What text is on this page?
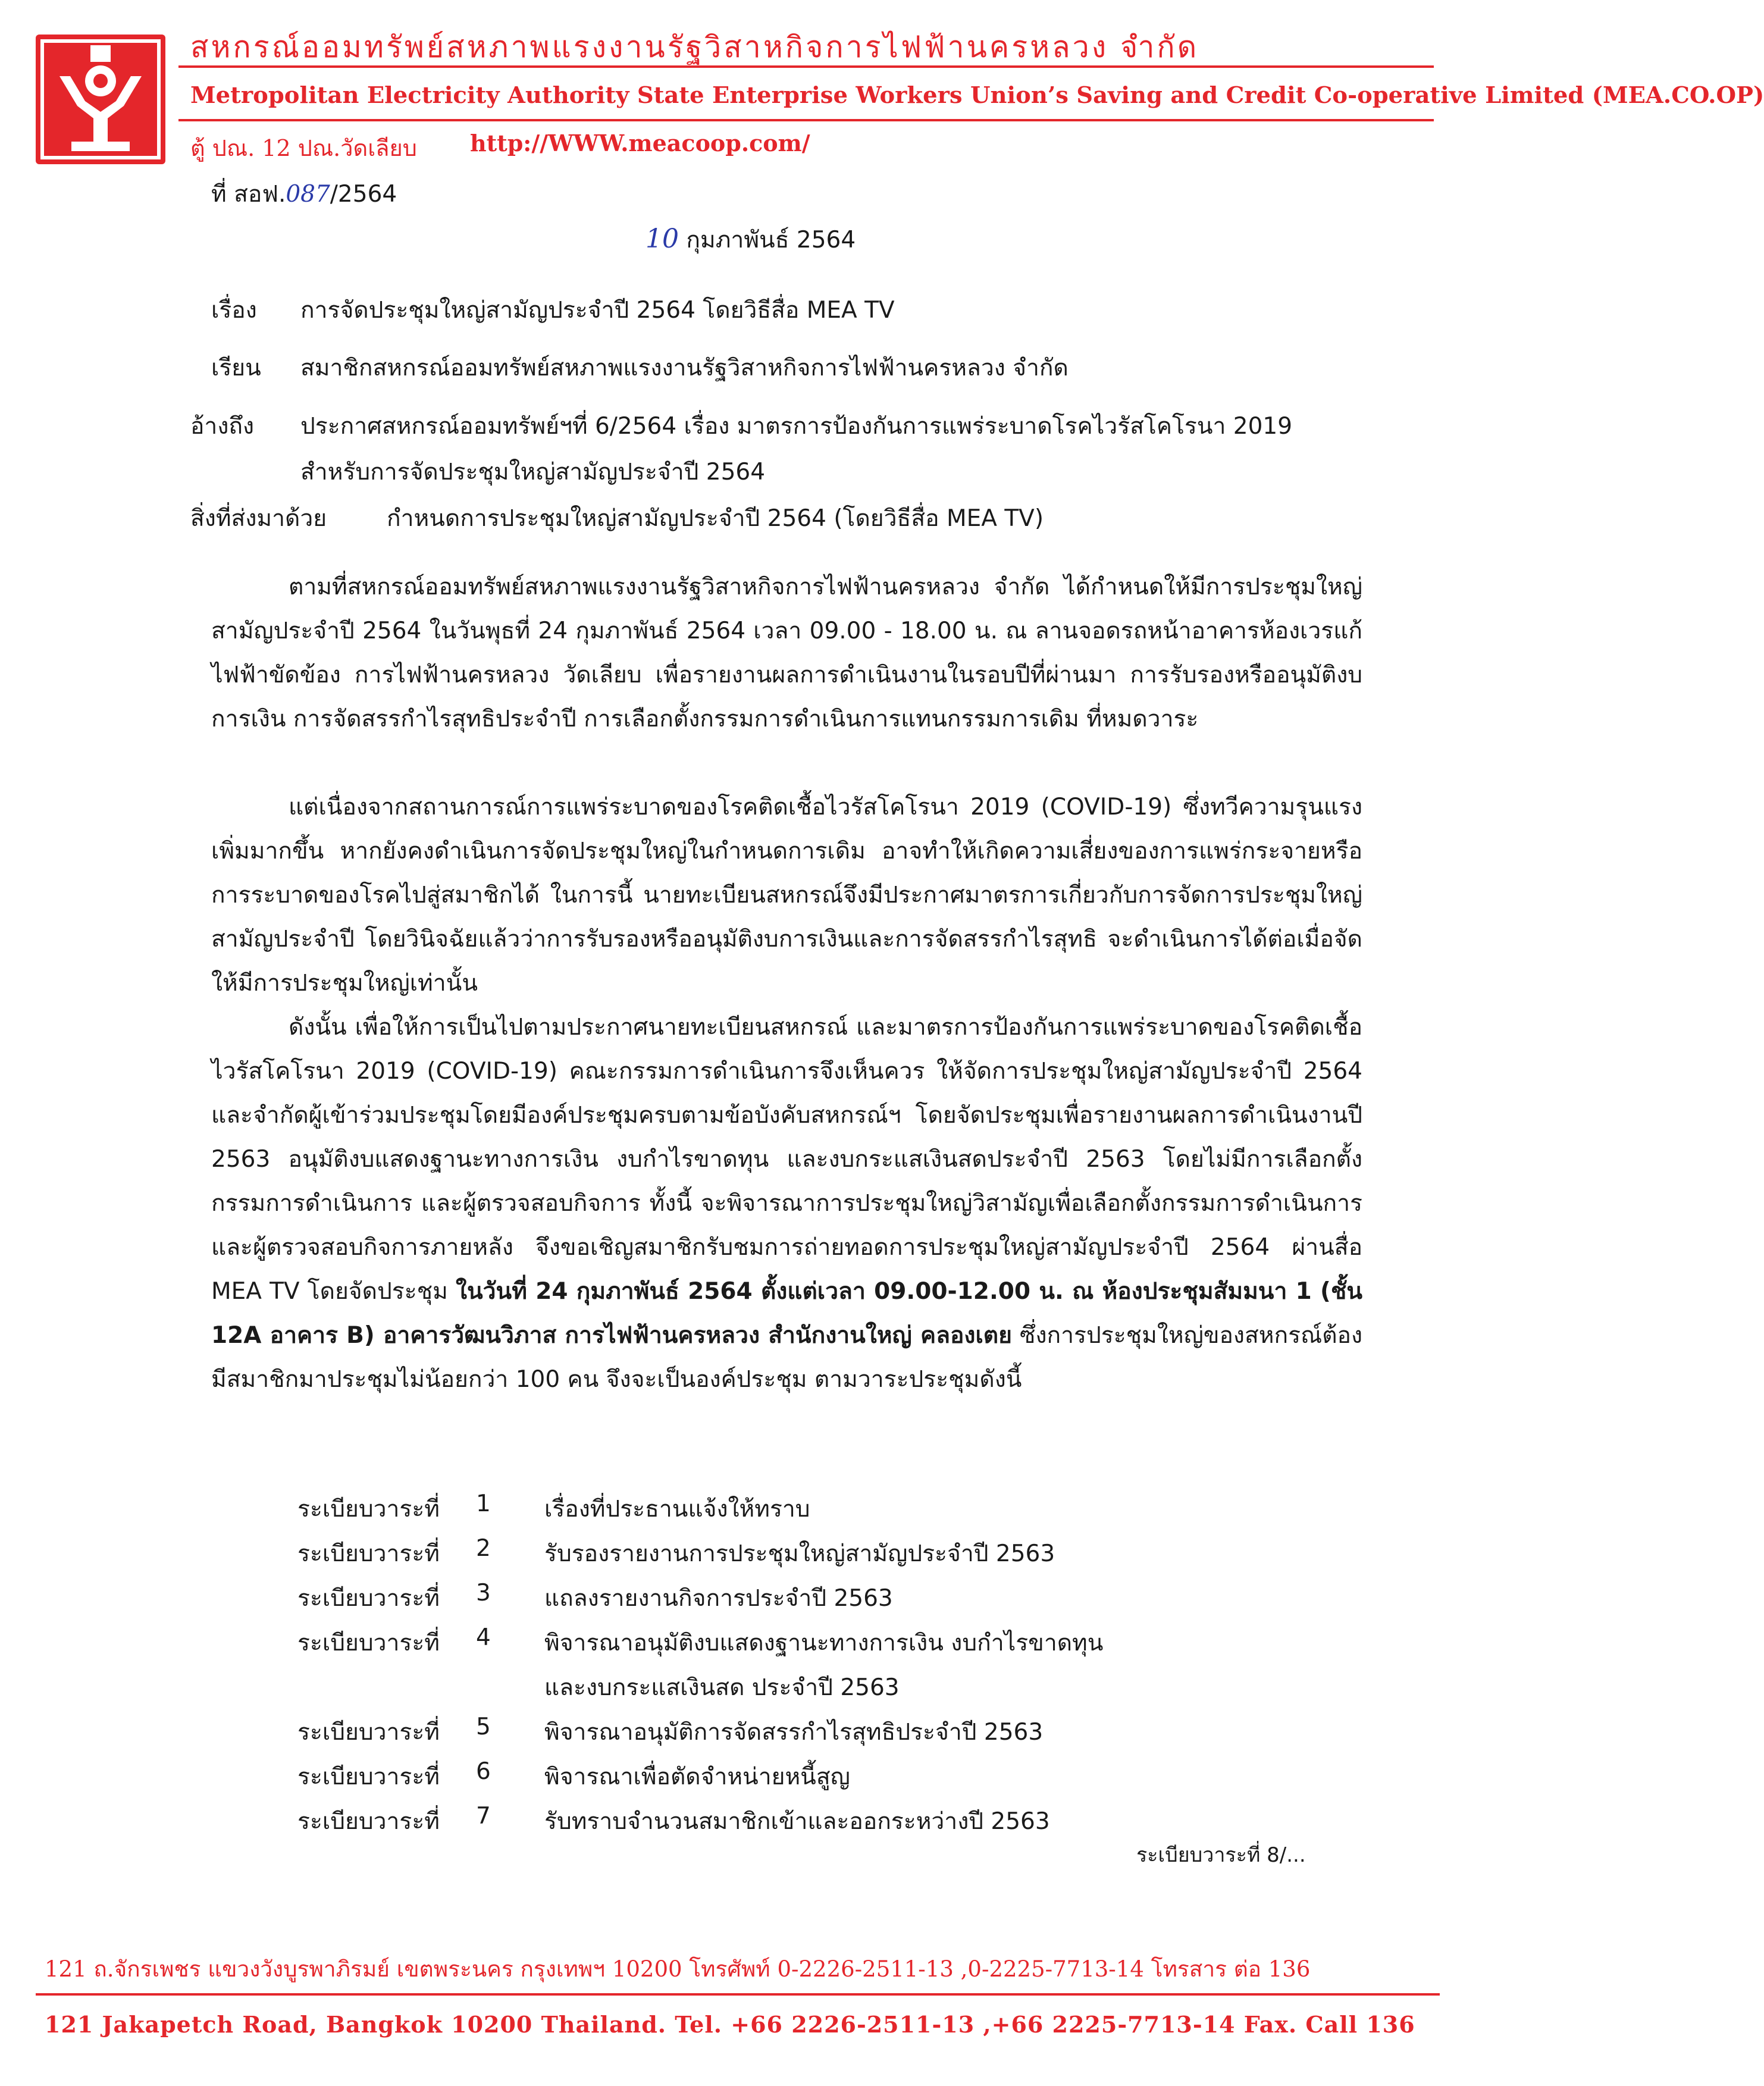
สหกรณ์ออมทรัพย์สหภาพแรงงานรัฐวิสาหกิจการไฟฟ้านครหลวง จำกัด
Metropolitan Electricity Authority State Enterprise Workers Union’s Saving and Credit Co-operative Limited (MEA.CO.OP)
ตู้ ปณ. 12 ปณ.วัดเลียบ http://WWW.meacoop.com/
ที่ สอฟ.087/2564
10 กุมภาพันธ์ 2564
เรื่อง การจัดประชุมใหญ่สามัญประจำปี 2564 โดยวิธีสื่อ MEA TV
เรียน สมาชิกสหกรณ์ออมทรัพย์สหภาพแรงงานรัฐวิสาหกิจการไฟฟ้านครหลวง จำกัด
อ้างถึง ประกาศสหกรณ์ออมทรัพย์ฯที่ 6/2564 เรื่อง มาตรการป้องกันการแพร่ระบาดโรคไวรัสโคโรนา 2019
สำหรับการจัดประชุมใหญ่สามัญประจำปี 2564
สิ่งที่ส่งมาด้วย	กำหนดการประชุมใหญ่สามัญประจำปี 2564 (โดยวิธีสื่อ MEA TV)

ตามที่สหกรณ์ออมทรัพย์สหภาพแรงงานรัฐวิสาหกิจการไฟฟ้านครหลวง จำกัด ได้กำหนดให้มีการประชุมใหญ่สามัญประจำปี 2564 ในวันพุธที่ 24 กุมภาพันธ์ 2564 เวลา 09.00 - 18.00 น. ณ ลานจอดรถหน้าอาคารห้องเวรแก้ไฟฟ้าขัดข้อง การไฟฟ้านครหลวง วัดเลียบ เพื่อรายงานผลการดำเนินงานในรอบปีที่ผ่านมา การรับรองหรืออนุมัติงบการเงิน การจัดสรรกำไรสุทธิประจำปี การเลือกตั้งกรรมการดำเนินการแทนกรรมการเดิม ที่หมดวาระ

แต่เนื่องจากสถานการณ์การแพร่ระบาดของโรคติดเชื้อไวรัสโคโรนา 2019 (COVID-19) ซึ่งทวีความรุนแรงเพิ่มมากขึ้น หากยังคงดำเนินการจัดประชุมใหญ่ในกำหนดการเดิม อาจทำให้เกิดความเสี่ยงของการแพร่กระจายหรือการระบาดของโรคไปสู่สมาชิกได้ ในการนี้ นายทะเบียนสหกรณ์จึงมีประกาศมาตรการเกี่ยวกับการจัดการประชุมใหญ่สามัญประจำปี โดยวินิจฉัยแล้วว่าการรับรองหรืออนุมัติงบการเงินและการจัดสรรกำไรสุทธิ จะดำเนินการได้ต่อเมื่อจัดให้มีการประชุมใหญ่เท่านั้น

ดังนั้น เพื่อให้การเป็นไปตามประกาศนายทะเบียนสหกรณ์ และมาตรการป้องกันการแพร่ระบาดของโรคติดเชื้อไวรัสโคโรนา 2019 (COVID-19) คณะกรรมการดำเนินการจึงเห็นควร ให้จัดการประชุมใหญ่สามัญประจำปี 2564 และจำกัดผู้เข้าร่วมประชุมโดยมีองค์ประชุมครบตามข้อบังคับสหกรณ์ฯ โดยจัดประชุมเพื่อรายงานผลการดำเนินงานปี 2563 อนุมัติงบแสดงฐานะทางการเงิน งบกำไรขาดทุน และงบกระแสเงินสดประจำปี 2563 โดยไม่มีการเลือกตั้งกรรมการดำเนินการ และผู้ตรวจสอบกิจการ ทั้งนี้ จะพิจารณาการประชุมใหญ่วิสามัญเพื่อเลือกตั้งกรรมการดำเนินการ และผู้ตรวจสอบกิจการภายหลัง จึงขอเชิญสมาชิกรับชมการถ่ายทอดการประชุมใหญ่สามัญประจำปี 2564 ผ่านสื่อ MEA TV โดยจัดประชุม ในวันที่ 24 กุมภาพันธ์ 2564 ตั้งแต่เวลา 09.00-12.00 น. ณ ห้องประชุมสัมมนา 1 (ชั้น 12A อาคาร B) อาคารวัฒนวิภาส การไฟฟ้านครหลวง สำนักงานใหญ่ คลองเตย ซึ่งการประชุมใหญ่ของสหกรณ์ต้องมีสมาชิกมาประชุมไม่น้อยกว่า 100 คน จึงจะเป็นองค์ประชุม ตามวาระประชุมดังนี้

ระเบียบวาระที่ 1 เรื่องที่ประธานแจ้งให้ทราบ
ระเบียบวาระที่ 2 รับรองรายงานการประชุมใหญ่สามัญประจำปี 2563
ระเบียบวาระที่ 3 แถลงรายงานกิจการประจำปี 2563
ระเบียบวาระที่ 4 พิจารณาอนุมัติงบแสดงฐานะทางการเงิน งบกำไรขาดทุน
และงบกระแสเงินสด ประจำปี 2563
ระเบียบวาระที่ 5 พิจารณาอนุมัติการจัดสรรกำไรสุทธิประจำปี 2563
ระเบียบวาระที่ 6 พิจารณาเพื่อตัดจำหน่ายหนี้สูญ
ระเบียบวาระที่ 7 รับทราบจำนวนสมาชิกเข้าและออกระหว่างปี 2563
ระเบียบวาระที่ 8/...
121 ถ.จักรเพชร แขวงวังบูรพาภิรมย์ เขตพระนคร กรุงเทพฯ 10200 โทรศัพท์ 0-2226-2511-13 ,0-2225-7713-14 โทรสาร ต่อ 136
121 Jakapetch Road, Bangkok 10200 Thailand. Tel. +66 2226-2511-13 ,+66 2225-7713-14 Fax. Call 136
